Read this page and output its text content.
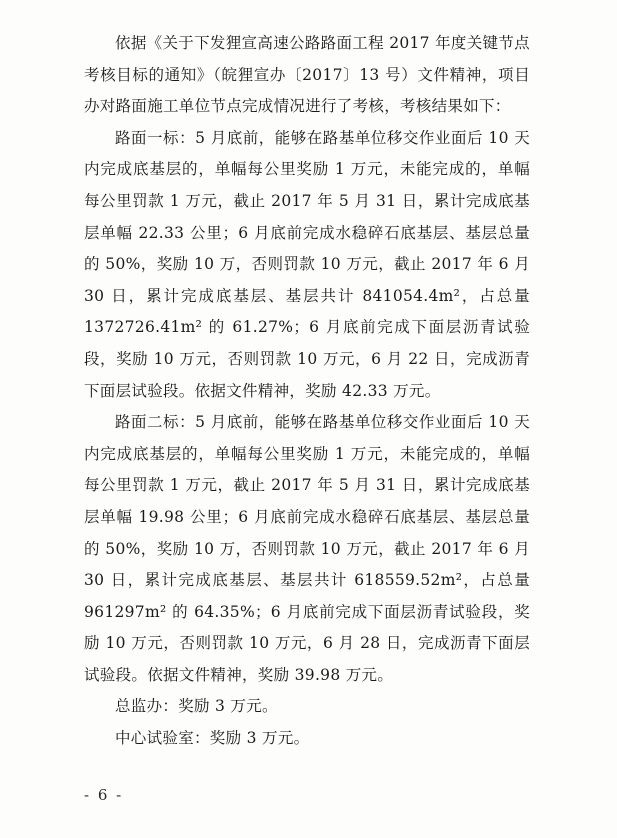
依据《关于下发狸宣高速公路路面工程 2017 年度关键节点考核目标的通知》（皖狸宣办〔2017〕13 号）文件精神，项目办对路面施工单位节点完成情况进行了考核，考核结果如下：

路面一标：5 月底前，能够在路基单位移交作业面后 10 天内完成底基层的，单幅每公里奖励 1 万元，未能完成的，单幅每公里罚款 1 万元，截止 2017 年 5 月 31 日，累计完成底基层单幅 22.33 公里；6 月底前完成水稳碎石底基层、基层总量的 50%，奖励 10 万，否则罚款 10 万元，截止 2017 年 6 月 30 日，累计完成底基层、基层共计 841054.4m²，占总量 1372726.41m² 的 61.27%；6 月底前完成下面层沥青试验段，奖励 10 万元，否则罚款 10 万元，6 月 22 日，完成沥青下面层试验段。依据文件精神，奖励 42.33 万元。

路面二标：5 月底前，能够在路基单位移交作业面后 10 天内完成底基层的，单幅每公里奖励 1 万元，未能完成的，单幅每公里罚款 1 万元，截止 2017 年 5 月 31 日，累计完成底基层单幅 19.98 公里；6 月底前完成水稳碎石底基层、基层总量的 50%，奖励 10 万，否则罚款 10 万元，截止 2017 年 6 月 30 日，累计完成底基层、基层共计 618559.52m²，占总量 961297m² 的 64.35%；6 月底前完成下面层沥青试验段，奖励 10 万元，否则罚款 10 万元，6 月 28 日，完成沥青下面层试验段。依据文件精神，奖励 39.98 万元。

总监办：奖励 3 万元。

中心试验室：奖励 3 万元。

- 6 -
